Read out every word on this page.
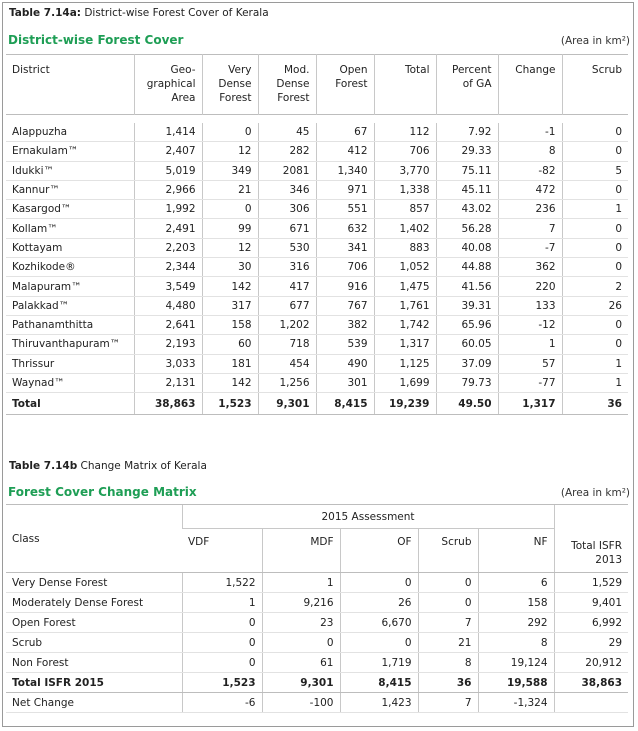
Table 7.14a: District-wise Forest Cover of Kerala
District-wise Forest Cover	(Area in km²)
District	Geo-graphical Area	Very Dense Forest	Mod. Dense Forest	Open Forest	Total	Percent of GA	Change	Scrub

Alappuzha	1,414	0	45	67	112	7.92	-1	0
Ernakulam™	2,407	12	282	412	706	29.33	8	0
Idukki™	5,019	349	2081	1,340	3,770	75.11	-82	5
Kannur™	2,966	21	346	971	1,338	45.11	472	0
Kasargod™	1,992	0	306	551	857	43.02	236	1
Kollam™	2,491	99	671	632	1,402	56.28	7	0
Kottayam	2,203	12	530	341	883	40.08	-7	0
Kozhikode®	2,344	30	316	706	1,052	44.88	362	0
Malapuram™	3,549	142	417	916	1,475	41.56	220	2
Palakkad™	4,480	317	677	767	1,761	39.31	133	26
Pathanamthitta	2,641	158	1,202	382	1,742	65.96	-12	0
Thiruvanthapuram™	2,193	60	718	539	1,317	60.05	1	0
Thrissur	3,033	181	454	490	1,125	37.09	57	1
Waynad™	2,131	142	1,256	301	1,699	79.73	-77	1
Total	38,863	1,523	9,301	8,415	19,239	49.50	1,317	36
Table 7.14b Change Matrix of Kerala
Forest Cover Change Matrix	(Area in km²)
Class	2015 Assessment					
	VDF	MDF	OF	Scrub	NF	Total ISFR 2013
Very Dense Forest	1,522	1	0	0	6	1,529
Moderately Dense Forest	1	9,216	26	0	158	9,401
Open Forest	0	23	6,670	7	292	6,992
Scrub	0	0	0	21	8	29
Non Forest	0	61	1,719	8	19,124	20,912
Total ISFR 2015	1,523	9,301	8,415	36	19,588	38,863
Net Change	-6	-100	1,423	7	-1,324	
